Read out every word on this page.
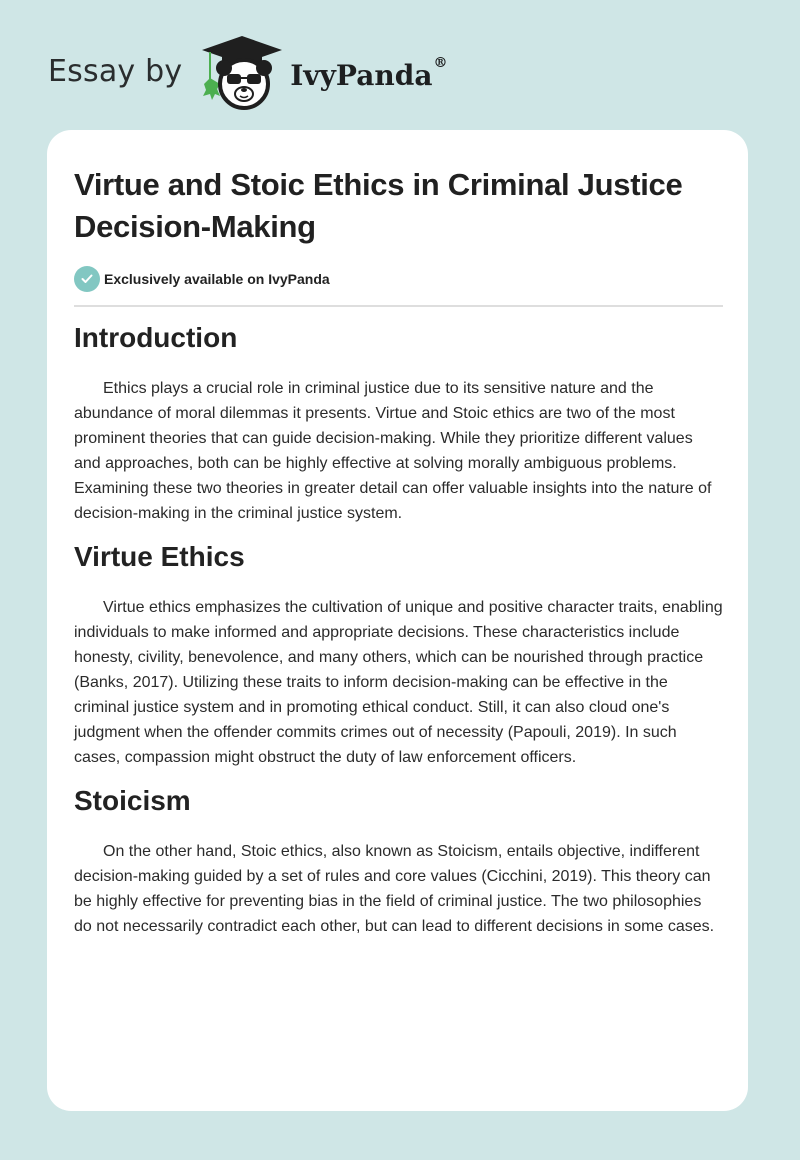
Essay by	IvyPanda®
Virtue and Stoic Ethics in Criminal Justice Decision-Making
Exclusively available on IvyPanda
Introduction

Ethics plays a crucial role in criminal justice due to its sensitive nature and the abundance of moral dilemmas it presents. Virtue and Stoic ethics are two of the most prominent theories that can guide decision-making. While they prioritize different values and approaches, both can be highly effective at solving morally ambiguous problems. Examining these two theories in greater detail can offer valuable insights into the nature of decision-making in the criminal justice system.

Virtue Ethics

Virtue ethics emphasizes the cultivation of unique and positive character traits, enabling individuals to make informed and appropriate decisions. These characteristics include honesty, civility, benevolence, and many others, which can be nourished through practice (Banks, 2017). Utilizing these traits to inform decision-making can be effective in the criminal justice system and in promoting ethical conduct. Still, it can also cloud one's judgment when the offender commits crimes out of necessity (Papouli, 2019). In such cases, compassion might obstruct the duty of law enforcement officers.

Stoicism

On the other hand, Stoic ethics, also known as Stoicism, entails objective, indifferent decision-making guided by a set of rules and core values (Cicchini, 2019). This theory can be highly effective for preventing bias in the field of criminal justice. The two philosophies do not necessarily contradict each other, but can lead to different decisions in some cases.
